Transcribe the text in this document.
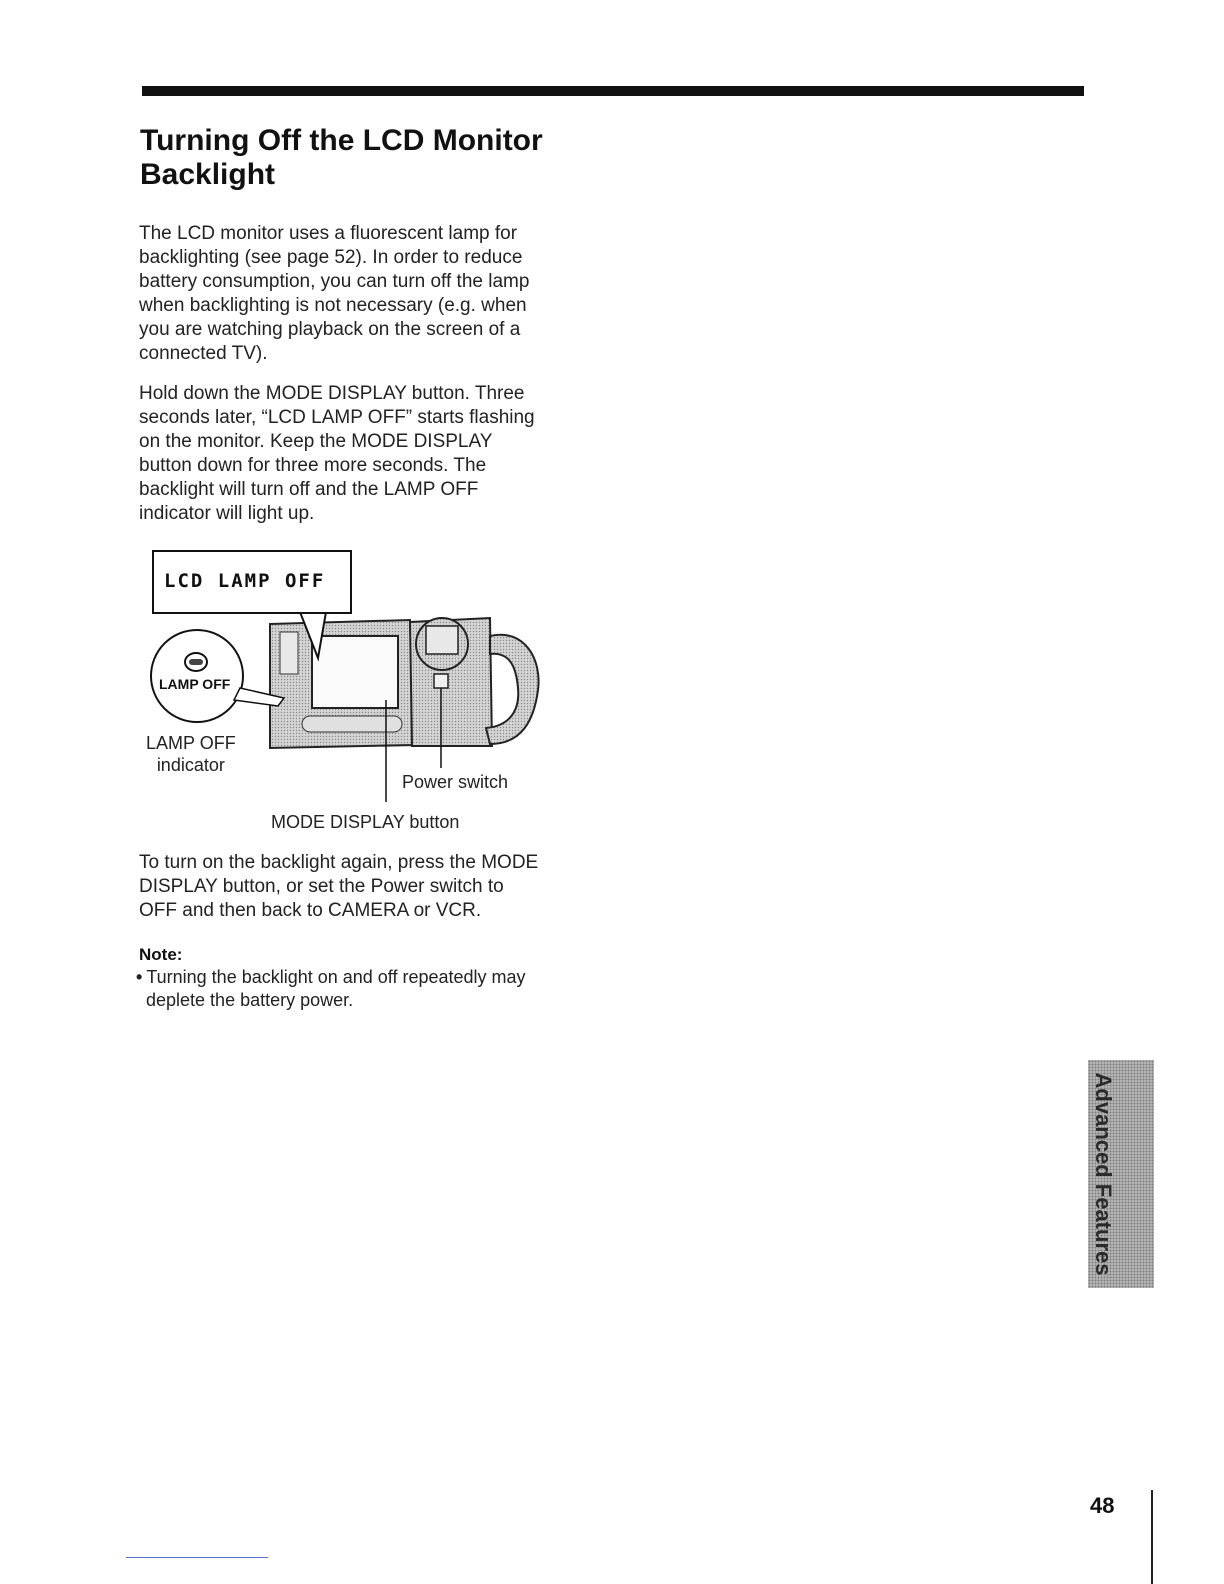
Turning Off the LCD Monitor
Backlight

The LCD monitor uses a fluorescent lamp for
backlighting (see page 52). In order to reduce
battery consumption, you can turn off the lamp
when backlighting is not necessary (e.g. when
you are watching playback on the screen of a
connected TV).

Hold down the MODE DISPLAY button. Three
seconds later, “LCD LAMP OFF” starts flashing
on the monitor. Keep the MODE DISPLAY
button down for three more seconds. The
backlight will turn off and the LAMP OFF
indicator will light up.

LCD LAMP OFF
LAMP OFF
LAMP OFF
indicator
Power switch
MODE DISPLAY button

To turn on the backlight again, press the MODE
DISPLAY button, or set the Power switch to
OFF and then back to CAMERA or VCR.

Note:

• Turning the backlight on and off repeatedly may
deplete the battery power.

Advanced Features
48
